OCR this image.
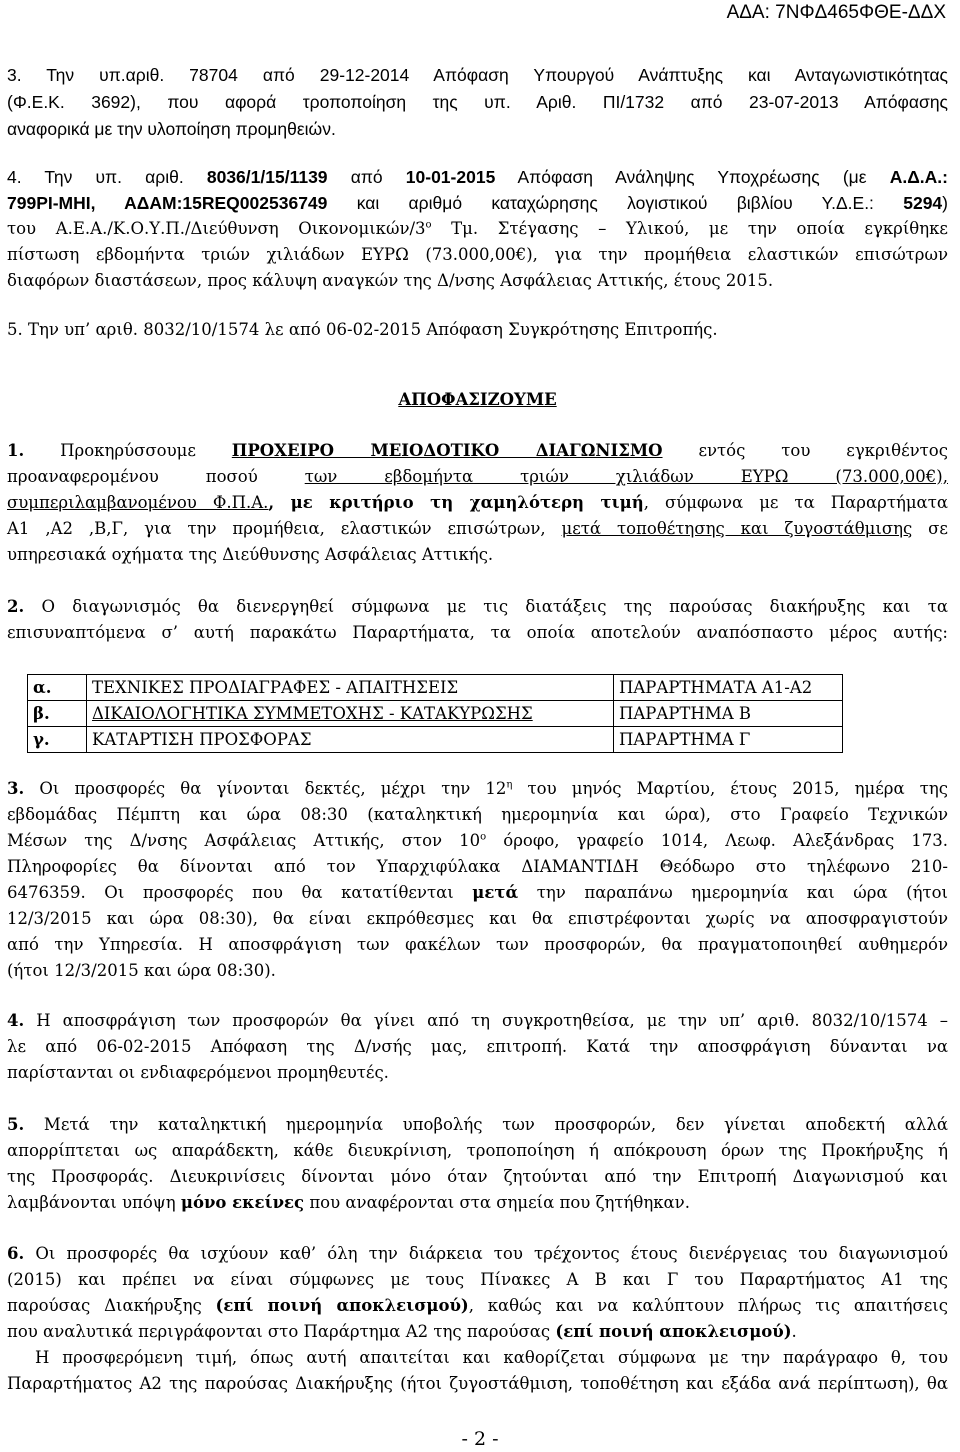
ΑΔΑ: 7ΝΦΔ465ΦΘΕ-ΔΔΧ
3. Την υπ.αριθ. 78704 από 29-12-2014 Απόφαση Υπουργού Ανάπτυξης και Ανταγωνιστικότητας
(Φ.Ε.Κ. 3692), που αφορά τροποποίηση της υπ. Αριθ. ΠΙ/1732 από 23-07-2013 Απόφασης
αναφορικά με την υλοποίηση προμηθειών.
4. Την υπ. αριθ. 8036/1/15/1139 από 10-01-2015 Απόφαση Ανάληψης Υποχρέωσης (με Α.Δ.Α.:
799ΡΙ-ΜΗΙ, ΑΔΑΜ:15REQ002536749 και αριθμό καταχώρησης λογιστικού βιβλίου Υ.Δ.Ε.: 5294)
του Α.Ε.Α./Κ.Ο.Υ.Π./Διεύθυνση Οικονομικών/$3^o$ Τμ. Στέγασης – Υλικού, με την οποία εγκρίθηκε
πίστωση εβδομήντα τριών χιλιάδων ΕΥΡΩ (73.000,00€), για την προμήθεια ελαστικών επισώτρων
διαφόρων διαστάσεων, προς κάλυψη αναγκών της Δ/νσης Ασφάλειας Αττικής, έτους 2015.
5. Την υπ’ αριθ. 8032/10/1574 λε από 06-02-2015 Απόφαση Συγκρότησης Επιτροπής.
ΑΠΟΦΑΣΙΖΟΥΜΕ
1. Προκηρύσσουμε ΠΡΟΧΕΙΡΟ ΜΕΙΟΔΟΤΙΚΟ ΔΙΑΓΩΝΙΣΜΟ εντός του εγκριθέντος
προαναφερομένου ποσού των εβδομήντα τριών χιλιάδων ΕΥΡΩ (73.000,00€),
συμπεριλαμβανομένου Φ.Π.Α., με κριτήριο τη χαμηλότερη τιμή, σύμφωνα με τα Παραρτήματα
Α1 ,Α2 ,Β,Γ, για την προμήθεια, ελαστικών επισώτρων, μετά τοποθέτησης και ζυγοστάθμισης σε
υπηρεσιακά οχήματα της Διεύθυνσης Ασφάλειας Αττικής.
2. Ο διαγωνισμός θα διενεργηθεί σύμφωνα με τις διατάξεις της παρούσας διακήρυξης και τα
επισυναπτόμενα σ’ αυτή παρακάτω Παραρτήματα, τα οποία αποτελούν αναπόσπαστο μέρος αυτής:
α.	ΤΕΧΝΙΚΕΣ ΠΡΟΔΙΑΓΡΑΦΕΣ - ΑΠΑΙΤΗΣΕΙΣ	ΠΑΡΑΡΤΗΜΑΤΑ Α1-Α2
β.	ΔΙΚΑΙΟΛΟΓΗΤΙΚΑ ΣΥΜΜΕΤΟΧΗΣ - ΚΑΤΑΚΥΡΩΣΗΣ	ΠΑΡΑΡΤΗΜΑ Β
γ.	ΚΑΤΑΡΤΙΣΗ ΠΡΟΣΦΟΡΑΣ	ΠΑΡΑΡΤΗΜΑ Γ
3. Οι προσφορές θα γίνονται δεκτές, μέχρι την $12^\eta$ του μηνός Μαρτίου, έτους 2015, ημέρα της
εβδομάδας Πέμπτη και ώρα 08:30 (καταληκτική ημερομηνία και ώρα), στο Γραφείο Τεχνικών
Μέσων της Δ/νσης Ασφάλειας Αττικής, στον $10^o$ όροφο, γραφείο 1014, Λεωφ. Αλεξάνδρας 173.
Πληροφορίες θα δίνονται από τον Υπαρχιφύλακα ΔΙΑΜΑΝΤΙΔΗ Θεόδωρο στο τηλέφωνο 210-
6476359. Οι προσφορές που θα κατατίθενται μετά την παραπάνω ημερομηνία και ώρα (ήτοι
12/3/2015 και ώρα 08:30), θα είναι εκπρόθεσμες και θα επιστρέφονται χωρίς να αποσφραγιστούν
από την Υπηρεσία. Η αποσφράγιση των φακέλων των προσφορών, θα πραγματοποιηθεί αυθημερόν
(ήτοι 12/3/2015 και ώρα 08:30).
4. Η αποσφράγιση των προσφορών θα γίνει από τη συγκροτηθείσα, με την υπ’ αριθ. 8032/10/1574 –
λε από 06-02-2015 Απόφαση της Δ/νσής μας, επιτροπή. Κατά την αποσφράγιση δύνανται να
παρίστανται οι ενδιαφερόμενοι προμηθευτές.
5. Μετά την καταληκτική ημερομηνία υποβολής των προσφορών, δεν γίνεται αποδεκτή αλλά
απορρίπτεται ως απαράδεκτη, κάθε διευκρίνιση, τροποποίηση ή απόκρουση όρων της Προκήρυξης ή
της Προσφοράς. Διευκρινίσεις δίνονται μόνο όταν ζητούνται από την Επιτροπή Διαγωνισμού και
λαμβάνονται υπόψη μόνο εκείνες που αναφέρονται στα σημεία που ζητήθηκαν.
6. Οι προσφορές θα ισχύουν καθ’ όλη την διάρκεια του τρέχοντος έτους διενέργειας του διαγωνισμού
(2015) και πρέπει να είναι σύμφωνες με τους Πίνακες Α Β και Γ του Παραρτήματος Α1 της
παρούσας Διακήρυξης (επί ποινή αποκλεισμού), καθώς και να καλύπτουν πλήρως τις απαιτήσεις
που αναλυτικά περιγράφονται στο Παράρτημα Α2 της παρούσας (επί ποινή αποκλεισμού).
Η προσφερόμενη τιμή, όπως αυτή απαιτείται και καθορίζεται σύμφωνα με την παράγραφο θ, του
Παραρτήματος Α2 της παρούσας Διακήρυξης (ήτοι ζυγοστάθμιση, τοποθέτηση και εξάδα ανά περίπτωση), θα
- 2 -
